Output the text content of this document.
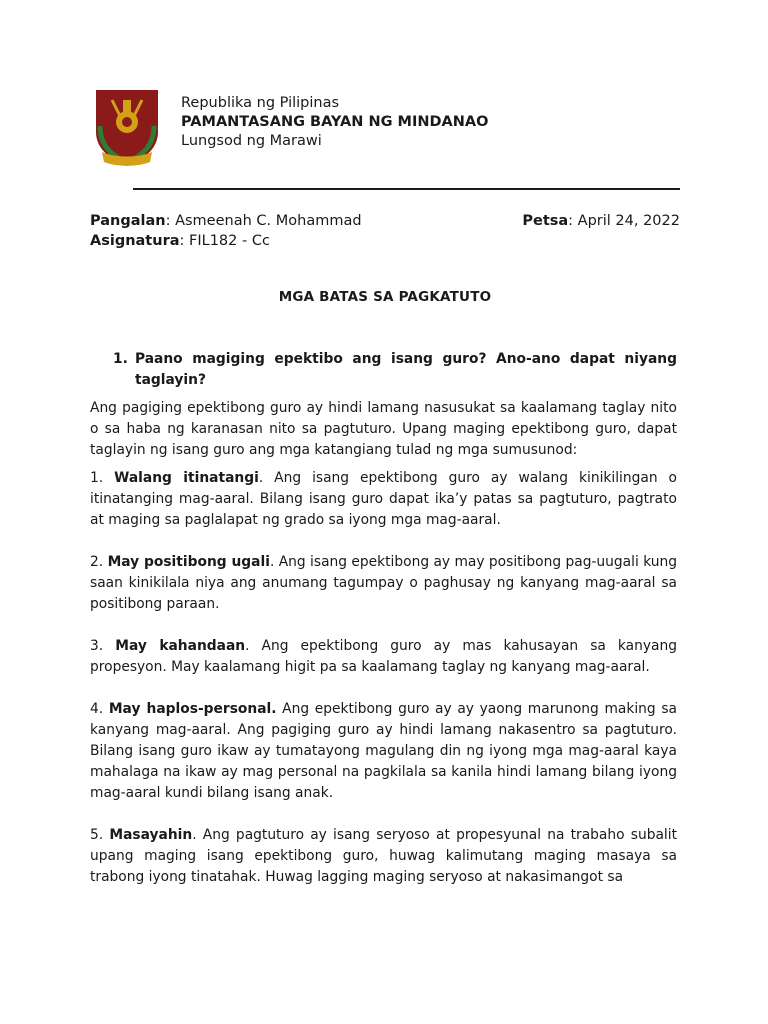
Republika ng Pilipinas
PAMANTASANG BAYAN NG MINDANAO
Lungsod ng Marawi
Pangalan: Asmeenah C. Mohammad	Petsa: April 24, 2022
Asignatura: FIL182 - Cc
MGA BATAS SA PAGKATUTO
1. Paano magiging epektibo ang isang guro? Ano-ano dapat niyang taglayin?

Ang pagiging epektibong guro ay hindi lamang nasusukat sa kaalamang taglay nito o sa haba ng karanasan nito sa pagtuturo. Upang maging epektibong guro, dapat taglayin ng isang guro ang mga katangiang tulad ng mga sumusunod:

1. Walang itinatangi. Ang isang epektibong guro ay walang kinikilingan o itinatanging mag-aaral. Bilang isang guro dapat ika’y patas sa pagtuturo, pagtrato at maging sa paglalapat ng grado sa iyong mga mag-aaral.
2. May positibong ugali. Ang isang epektibong ay may positibong pag-uugali kung saan kinikilala niya ang anumang tagumpay o paghusay ng kanyang mag-aaral sa positibong paraan.
3. May kahandaan. Ang epektibong guro ay mas kahusayan sa kanyang propesyon. May kaalamang higit pa sa kaalamang taglay ng kanyang mag-aaral.
4. May haplos-personal. Ang epektibong guro ay ay yaong marunong making sa kanyang mag-aaral. Ang pagiging guro ay hindi lamang nakasentro sa pagtuturo. Bilang isang guro ikaw ay tumatayong magulang din ng iyong mga mag-aaral kaya mahalaga na ikaw ay mag personal na pagkilala sa kanila hindi lamang bilang iyong mag-aaral kundi bilang isang anak.
5. Masayahin. Ang pagtuturo ay isang seryoso at propesyunal na trabaho subalit upang maging isang epektibong guro, huwag kalimutang maging masaya sa trabong iyong tinatahak. Huwag lagging maging seryoso at nakasimangot sa
